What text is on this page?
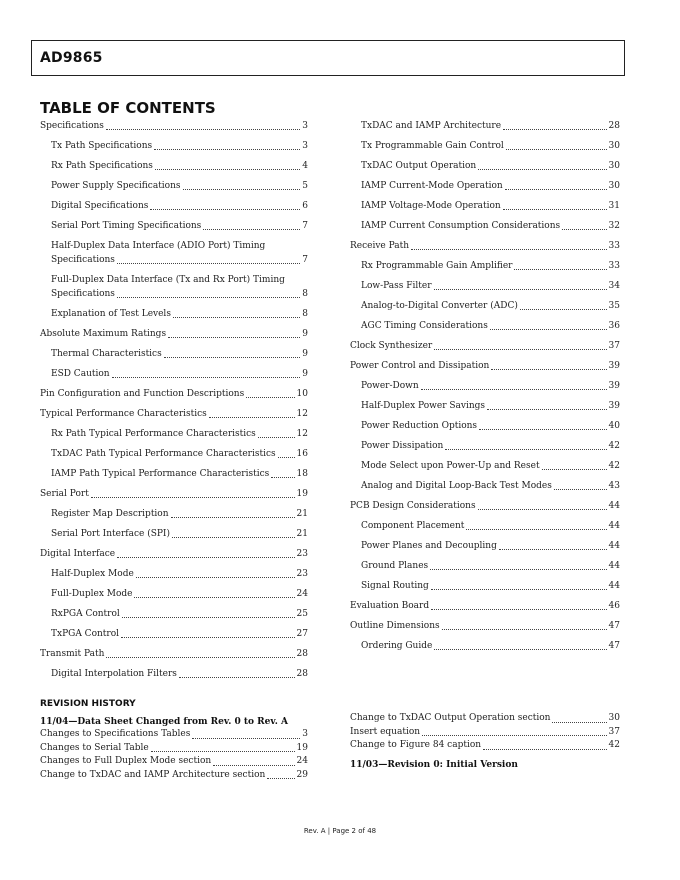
AD9865
TABLE OF CONTENTS
Specifications	3
Tx Path Specifications	3
Rx Path Specifications	4
Power Supply Specifications	5
Digital Specifications	6
Serial Port Timing Specifications	7
Half-Duplex Data Interface (ADIO Port) Timing
Specifications	7
Full-Duplex Data Interface (Tx and Rx Port) Timing
Specifications	8
Explanation of Test Levels	8
Absolute Maximum Ratings	9
Thermal Characteristics	9
ESD Caution	9
Pin Configuration and Function Descriptions	10
Typical Performance Characteristics	12
Rx Path Typical Performance Characteristics	12
TxDAC Path Typical Performance Characteristics 16
IAMP Path Typical Performance Characteristics	18
Serial Port	19
Register Map Description	21
Serial Port Interface (SPI)	21
Digital Interface	23
Half-Duplex Mode	23
Full-Duplex Mode	24
RxPGA Control	25
TxPGA Control	27
Transmit Path	28
Digital Interpolation Filters	28
TxDAC and IAMP Architecture	28
Tx Programmable Gain Control	30
TxDAC Output Operation	30
IAMP Current-Mode Operation	30
IAMP Voltage-Mode Operation	31
IAMP Current Consumption Considerations	32
Receive Path	33
Rx Programmable Gain Amplifier	33
Low-Pass Filter	34
Analog-to-Digital Converter (ADC)	35
AGC Timing Considerations	36
Clock Synthesizer	37
Power Control and Dissipation	39
Power-Down	39
Half-Duplex Power Savings	39
Power Reduction Options	40
Power Dissipation	42
Mode Select upon Power-Up and Reset	42
Analog and Digital Loop-Back Test Modes	43
PCB Design Considerations	44
Component Placement	44
Power Planes and Decoupling	44
Ground Planes	44
Signal Routing	44
Evaluation Board	46
Outline Dimensions	47
Ordering Guide	47
REVISION HISTORY
11/04—Data Sheet Changed from Rev. 0 to Rev. A
Changes to Specifications Tables	3
Changes to Serial Table	19
Changes to Full Duplex Mode section	24
Change to TxDAC and IAMP Architecture section	29
Change to TxDAC Output Operation section	30
Insert equation	37
Change to Figure 84 caption	42
11/03—Revision 0: Initial Version
Rev. A | Page 2 of 48
